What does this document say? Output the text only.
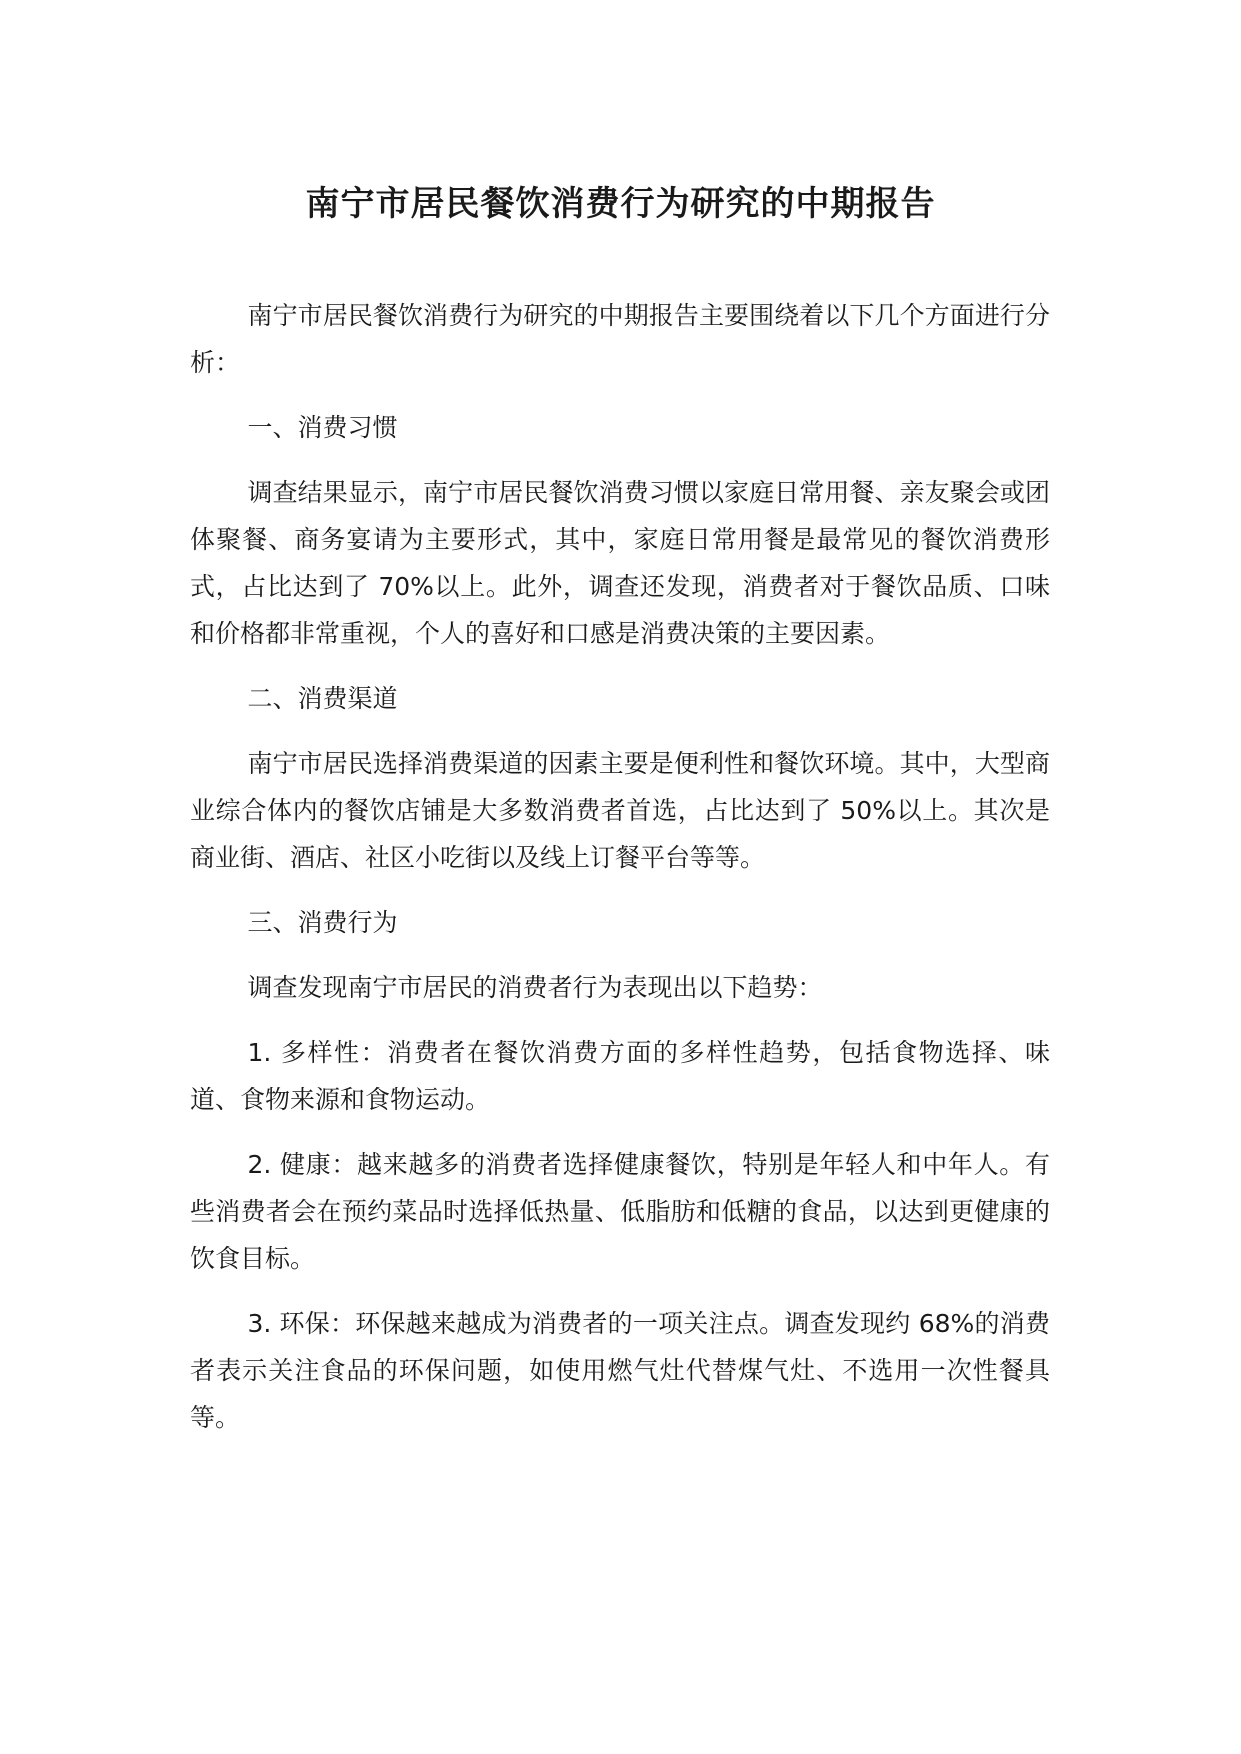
南宁市居民餐饮消费行为研究的中期报告

南宁市居民餐饮消费行为研究的中期报告主要围绕着以下几个方面进行分析：

一、消费习惯

调查结果显示，南宁市居民餐饮消费习惯以家庭日常用餐、亲友聚会或团体聚餐、商务宴请为主要形式，其中，家庭日常用餐是最常见的餐饮消费形式，占比达到了 70%以上。此外，调查还发现，消费者对于餐饮品质、口味和价格都非常重视，个人的喜好和口感是消费决策的主要因素。

二、消费渠道

南宁市居民选择消费渠道的因素主要是便利性和餐饮环境。其中，大型商业综合体内的餐饮店铺是大多数消费者首选，占比达到了 50%以上。其次是商业街、酒店、社区小吃街以及线上订餐平台等等。

三、消费行为

调查发现南宁市居民的消费者行为表现出以下趋势：

1. 多样性：消费者在餐饮消费方面的多样性趋势，包括食物选择、味道、食物来源和食物运动。

2. 健康：越来越多的消费者选择健康餐饮，特别是年轻人和中年人。有些消费者会在预约菜品时选择低热量、低脂肪和低糖的食品，以达到更健康的饮食目标。

3. 环保：环保越来越成为消费者的一项关注点。调查发现约 68%的消费者表示关注食品的环保问题，如使用燃气灶代替煤气灶、不选用一次性餐具等。
